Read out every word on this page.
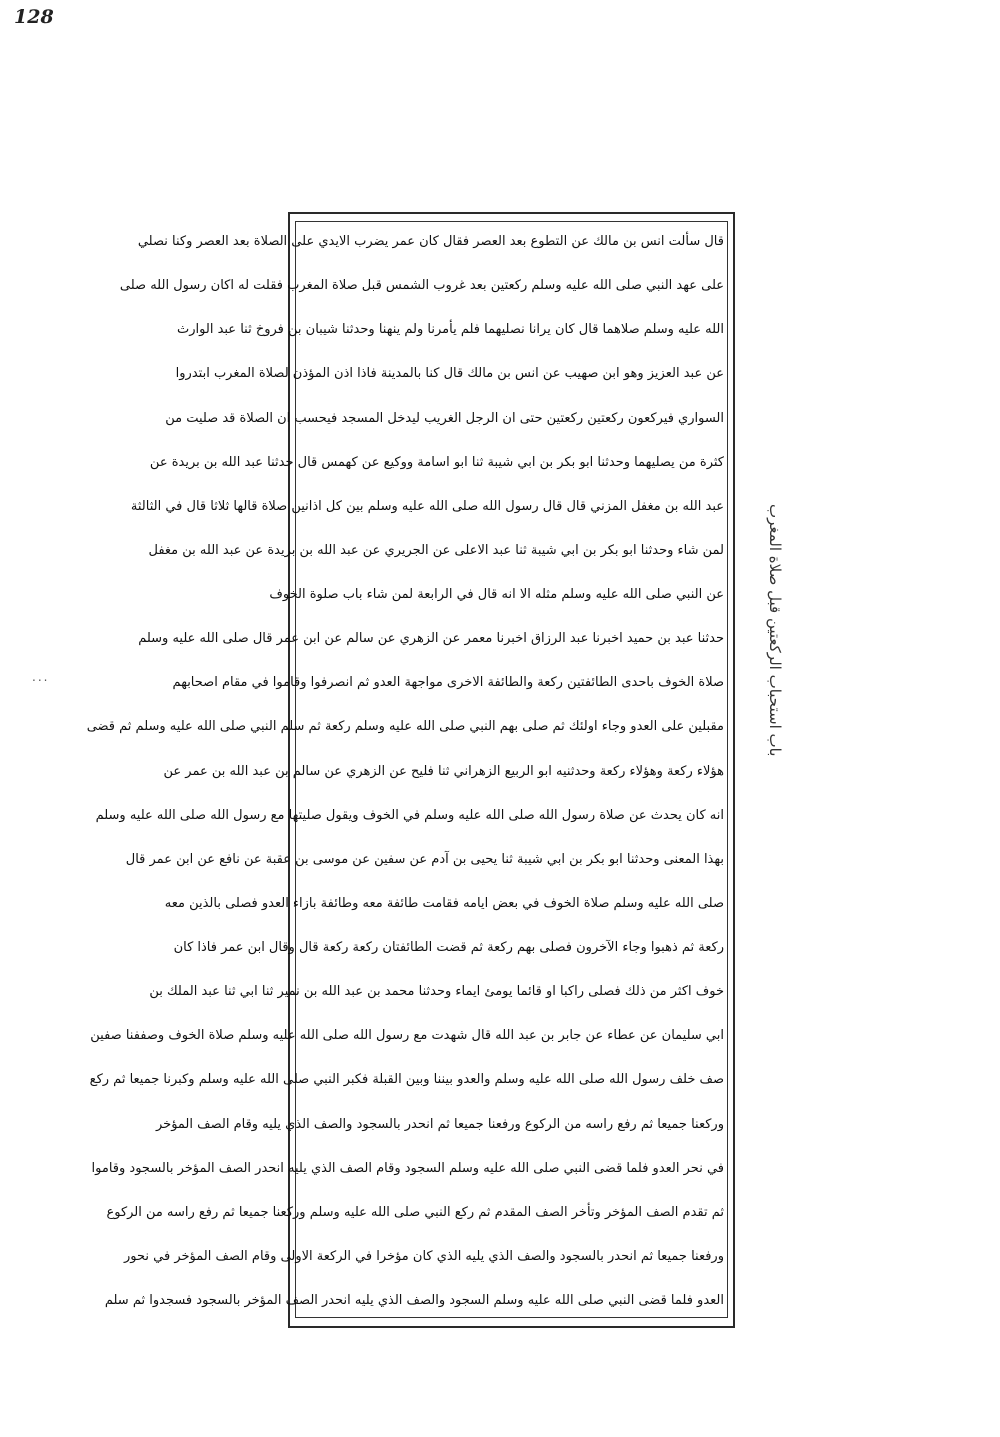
128
...	باب استحباب الركعتين قبل صلاة المغرب
قال سألت انس بن مالك عن التطوع بعد العصر فقال كان عمر يضرب الايدي على الصلاة بعد العصر وكنا نصلي
على عهد النبي صلى الله عليه وسلم ركعتين بعد غروب الشمس قبل صلاة المغرب فقلت له اكان رسول الله صلى
الله عليه وسلم صلاهما قال كان يرانا نصليهما فلم يأمرنا ولم ينهنا وحدثنا شيبان بن فروخ ثنا عبد الوارث
عن عبد العزيز وهو ابن صهيب عن انس بن مالك قال كنا بالمدينة فاذا اذن المؤذن لصلاة المغرب ابتدروا
السواري فيركعون ركعتين ركعتين حتى ان الرجل الغريب ليدخل المسجد فيحسب ان الصلاة قد صليت من
كثرة من يصليهما وحدثنا ابو بكر بن ابي شيبة ثنا ابو اسامة ووكيع عن كهمس قال حدثنا عبد الله بن بريدة عن
عبد الله بن مغفل المزني قال قال رسول الله صلى الله عليه وسلم بين كل اذانين صلاة قالها ثلاثا قال في الثالثة
لمن شاء وحدثنا ابو بكر بن ابي شيبة ثنا عبد الاعلى عن الجريري عن عبد الله بن بريدة عن عبد الله بن مغفل
عن النبي صلى الله عليه وسلم مثله الا انه قال في الرابعة لمن شاء باب صلوة الخوف
حدثنا عبد بن حميد اخبرنا عبد الرزاق اخبرنا معمر عن الزهري عن سالم عن ابن عمر قال صلى الله عليه وسلم
صلاة الخوف باحدى الطائفتين ركعة والطائفة الاخرى مواجهة العدو ثم انصرفوا وقاموا في مقام اصحابهم
مقبلين على العدو وجاء اولئك ثم صلى بهم النبي صلى الله عليه وسلم ركعة ثم سلم النبي صلى الله عليه وسلم ثم قضى
هؤلاء ركعة وهؤلاء ركعة وحدثنيه ابو الربيع الزهراني ثنا فليح عن الزهري عن سالم بن عبد الله بن عمر عن
انه كان يحدث عن صلاة رسول الله صلى الله عليه وسلم في الخوف ويقول صليتها مع رسول الله صلى الله عليه وسلم
بهذا المعنى وحدثنا ابو بكر بن ابي شيبة ثنا يحيى بن آدم عن سفين عن موسى بن عقبة عن نافع عن ابن عمر قال
صلى الله عليه وسلم صلاة الخوف في بعض ايامه فقامت طائفة معه وطائفة بازاء العدو فصلى بالذين معه
ركعة ثم ذهبوا وجاء الآخرون فصلى بهم ركعة ثم قضت الطائفتان ركعة ركعة قال وقال ابن عمر فاذا كان
خوف اكثر من ذلك فصلى راكبا او قائما يومئ ايماء وحدثنا محمد بن عبد الله بن نمير ثنا ابي ثنا عبد الملك بن
ابي سليمان عن عطاء عن جابر بن عبد الله قال شهدت مع رسول الله صلى الله عليه وسلم صلاة الخوف وصففنا صفين
صف خلف رسول الله صلى الله عليه وسلم والعدو بيننا وبين القبلة فكبر النبي صلى الله عليه وسلم وكبرنا جميعا ثم ركع
وركعنا جميعا ثم رفع راسه من الركوع ورفعنا جميعا ثم انحدر بالسجود والصف الذي يليه وقام الصف المؤخر
في نحر العدو فلما قضى النبي صلى الله عليه وسلم السجود وقام الصف الذي يليه انحدر الصف المؤخر بالسجود وقاموا
ثم تقدم الصف المؤخر وتأخر الصف المقدم ثم ركع النبي صلى الله عليه وسلم وركعنا جميعا ثم رفع راسه من الركوع
ورفعنا جميعا ثم انحدر بالسجود والصف الذي يليه الذي كان مؤخرا في الركعة الاولى وقام الصف المؤخر في نحور
العدو فلما قضى النبي صلى الله عليه وسلم السجود والصف الذي يليه انحدر الصف المؤخر بالسجود فسجدوا ثم سلم
